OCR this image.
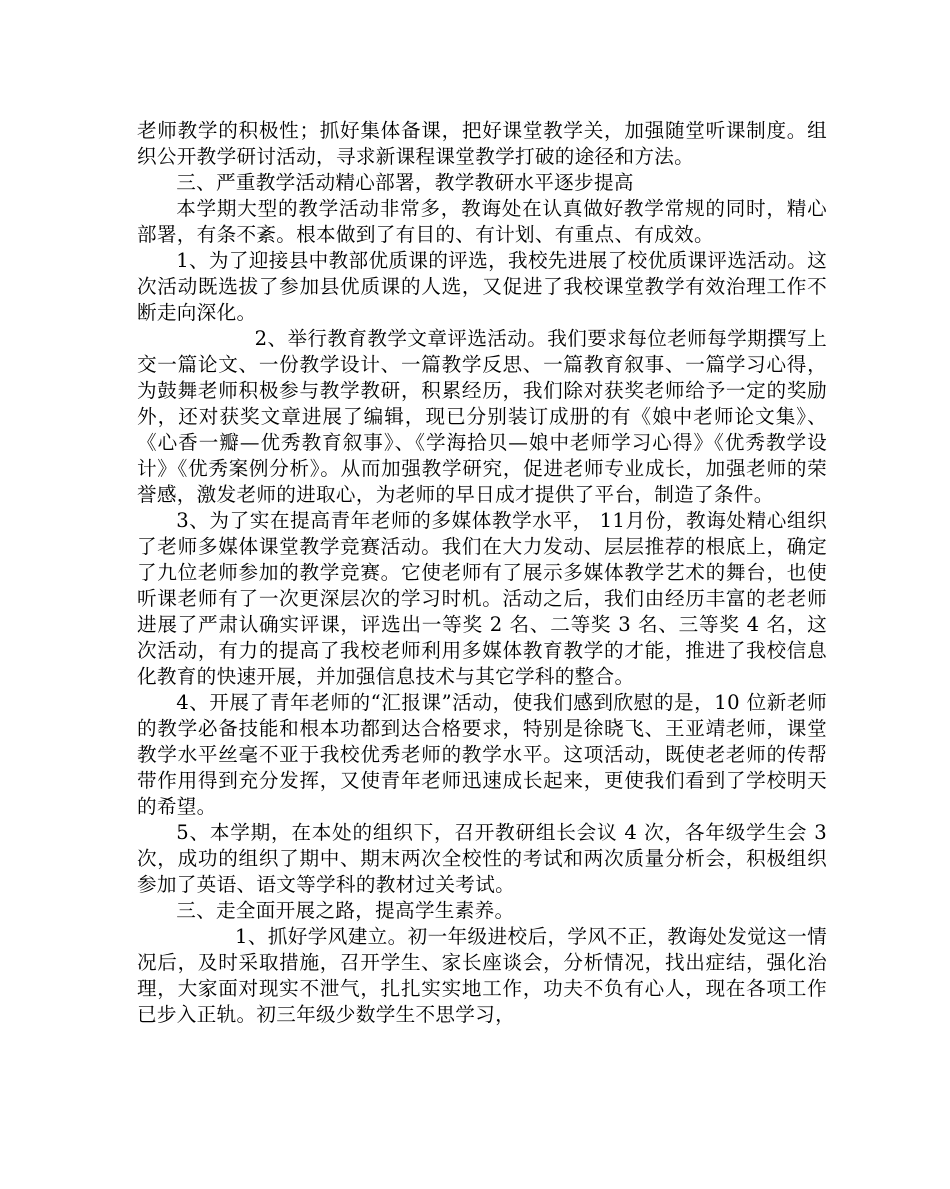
老师教学的积极性；抓好集体备课，把好课堂教学关，加强随堂听课制度。组织公开教学研讨活动，寻求新课程课堂教学打破的途径和方法。

三、严重教学活动精心部署，教学教研水平逐步提高

本学期大型的教学活动非常多，教诲处在认真做好教学常规的同时，精心部署，有条不紊。根本做到了有目的、有计划、有重点、有成效。

1、为了迎接县中教部优质课的评选，我校先进展了校优质课评选活动。这次活动既选拔了参加县优质课的人选，又促进了我校课堂教学有效治理工作不断走向深化。

2、举行教育教学文章评选活动。我们要求每位老师每学期撰写上交一篇论文、一份教学设计、一篇教学反思、一篇教育叙事、一篇学习心得，为鼓舞老师积极参与教学教研，积累经历，我们除对获奖老师给予一定的奖励外，还对获奖文章进展了编辑，现已分别装订成册的有《娘中老师论文集》、《心香一瓣—优秀教育叙事》、《学海拾贝—娘中老师学习心得》《优秀教学设计》《优秀案例分析》。从而加强教学研究，促进老师专业成长，加强老师的荣誉感，激发老师的进取心，为老师的早日成才提供了平台，制造了条件。

3、为了实在提高青年老师的多媒体教学水平， 11月份，教诲处精心组织了老师多媒体课堂教学竞赛活动。我们在大力发动、层层推荐的根底上，确定了九位老师参加的教学竞赛。它使老师有了展示多媒体教学艺术的舞台，也使听课老师有了一次更深层次的学习时机。活动之后，我们由经历丰富的老老师进展了严肃认确实评课，评选出一等奖 2 名、二等奖 3 名、三等奖 4 名，这次活动，有力的提高了我校老师利用多媒体教育教学的才能，推进了我校信息化教育的快速开展，并加强信息技术与其它学科的整合。

4、开展了青年老师的“汇报课”活动，使我们感到欣慰的是，10 位新老师的教学必备技能和根本功都到达合格要求，特别是徐晓飞、王亚靖老师，课堂教学水平丝毫不亚于我校优秀老师的教学水平。这项活动，既使老老师的传帮带作用得到充分发挥，又使青年老师迅速成长起来，更使我们看到了学校明天的希望。

5、本学期，在本处的组织下，召开教研组长会议 4 次，各年级学生会 3 次，成功的组织了期中、期末两次全校性的考试和两次质量分析会，积极组织参加了英语、语文等学科的教材过关考试。

三、走全面开展之路，提高学生素养。

1、抓好学风建立。初一年级进校后，学风不正，教诲处发觉这一情况后，及时采取措施，召开学生、家长座谈会，分析情况，找出症结，强化治理，大家面对现实不泄气，扎扎实实地工作，功夫不负有心人，现在各项工作已步入正轨。初三年级少数学生不思学习，
